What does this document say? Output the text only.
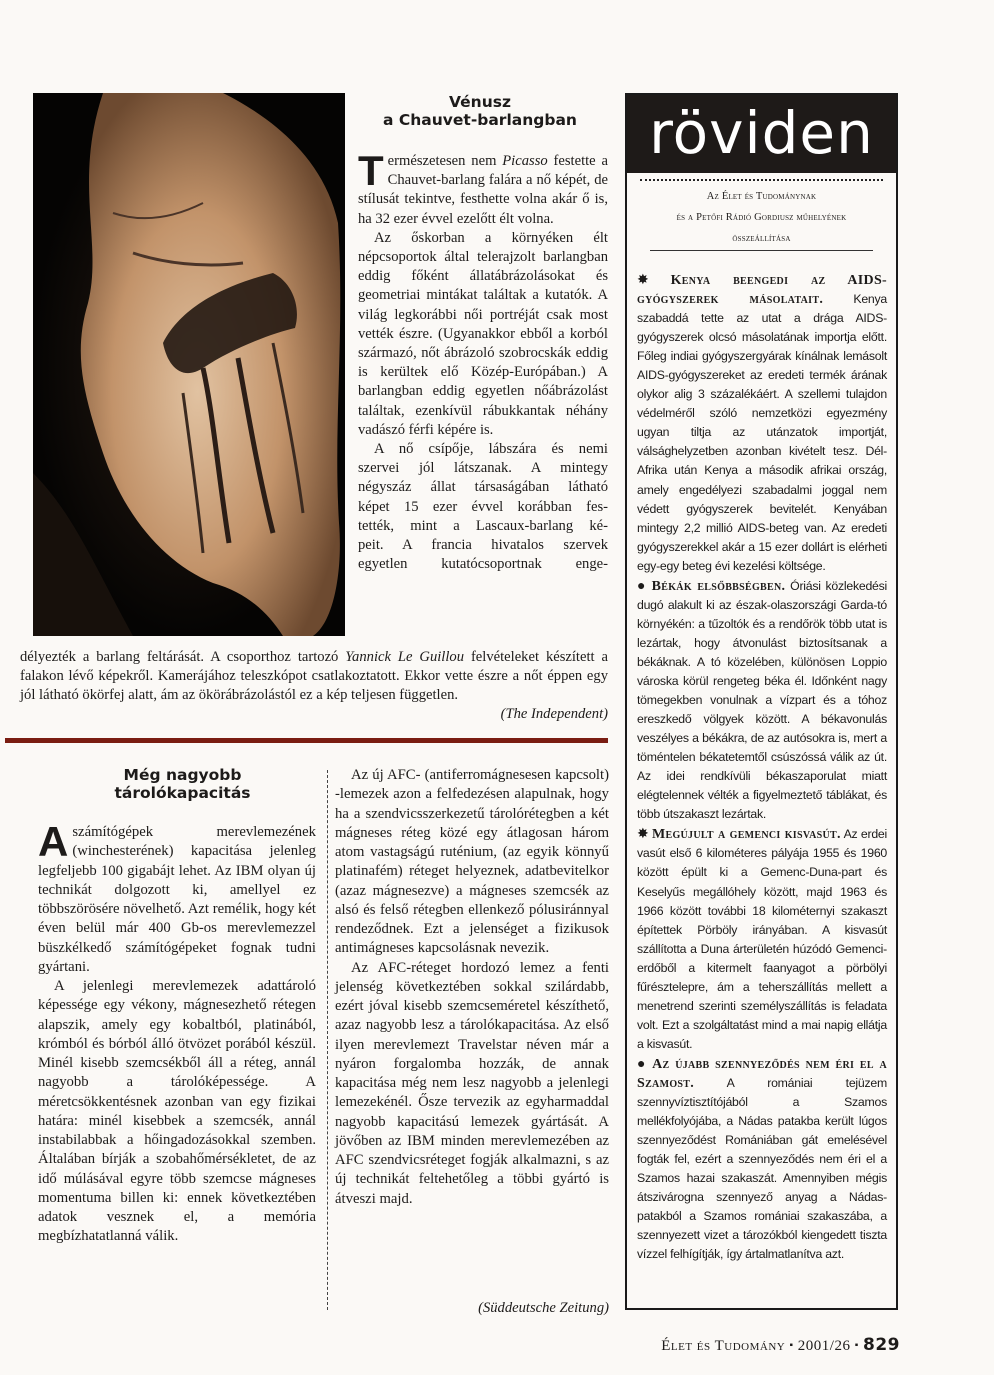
Vénusz
a Chauvet-barlangban

Természetesen nem Picasso festette a Chauvet-barlang falára a nő képét, de stílusát tekintve, festhette volna akár ő is, ha 32 ezer évvel ezelőtt élt volna.

Az őskorban a környéken élt népcsoportok által telerajzolt barlangban eddig főként állatábrázolásokat és geometriai mintákat találtak a kutatók. A világ legkorábbi női portréját csak most vették észre. (Ugyanakkor ebből a korból származó, nőt ábrázoló szobrocskák eddig is kerültek elő Közép-Európában.) A barlangban eddig egyetlen nőábrázolást találtak, ezenkívül rábukkantak néhány vadászó férfi képére is.

A nő csípője, lábszára és nemi
szervei jól látszanak. A mintegy
négyszáz állat társaságában látható
képet 15 ezer évvel korábban fes-
tették, mint a Lascaux-barlang ké-
peit. A francia hivatalos szervek
egyetlen kutatócsoportnak enge-

délyezték a barlang feltárását. A csoporthoz tartozó Yannick Le Guillou felvételeket készített a falakon lévő képekről. Kamerájához teleszkópot csatlakoztatott. Ekkor vette észre a nőt éppen egy jól látható ökörfej alatt, ám az ökörábrázolástól ez a kép teljesen független.

(The Independent)
Még nagyobb
tárolókapacitás

Aszámítógépek merevlemezének (winchesterének) kapacitása jelenleg legfeljebb 100 gigabájt lehet. Az IBM olyan új technikát dolgozott ki, amellyel ez többszörösére növelhető. Azt remélik, hogy két éven belül már 400 Gb-os merevlemezzel büszkélkedő számítógépeket fognak tudni gyártani.

A jelenlegi merevlemezek adattároló képessége egy vékony, mágnesezhető rétegen alapszik, amely egy kobaltból, platinából, krómból és bórból álló ötvözet porából készül. Minél kisebb szemcsékből áll a réteg, annál nagyobb a tárolóképessége. A méretcsökkentésnek azonban van egy fizikai határa: minél kisebbek a szemcsék, annál instabilabbak a hőingadozásokkal szemben. Általában bírják a szobahőmérsékletet, de az idő múlásával egyre több szemcse mágneses momentuma billen ki: ennek következtében adatok vesznek el, a memória megbízhatatlanná válik.

Az új AFC- (antiferromágnesesen kapcsolt) -lemezek azon a felfedezésen alapulnak, hogy ha a szendvicsszerkezetű tárolórétegben a két mágneses réteg közé egy átlagosan három atom vastagságú ruténium, (az egyik könnyű platinafém) réteget helyeznek, adatbevitelkor (azaz mágnesezve) a mágneses szemcsék az alsó és felső rétegben ellenkező pólusiránnyal rendeződnek. Ezt a jelenséget a fizikusok antimágneses kapcsolásnak nevezik.

Az AFC-réteget hordozó lemez a fenti jelenség következtében sokkal szilárdabb, ezért jóval kisebb szemcseméretel készíthető, azaz nagyobb lesz a tárolókapacitása. Az első ilyen merevlemezt Travelstar néven már a nyáron forgalomba hozzák, de annak kapacitása még nem lesz nagyobb a jelenlegi lemezekénél. Ősze tervezik az egyharmaddal nagyobb kapacitású lemezek gyártását. A jövőben az IBM minden merevlemezében az AFC szendvicsréteget fogják alkalmazni, s az új technikát feltehetőleg a többi gyártó is átveszi majd.

(Süddeutsche Zeitung)
röviden
Az Élet és Tudománynak
és a Petőfi Rádió Gordiusz műhelyének
összeállítása

✸ Kenya beengedi az AIDS-gyógyszerek másolatait. Kenya szabaddá tette az utat a drága AIDS-gyógyszerek olcsó másolatának importja előtt. Főleg indiai gyógyszergyárak kínálnak lemásolt AIDS-gyógyszereket az eredeti termék árának olykor alig 3 százalékáért. A szellemi tulajdon védelméről szóló nemzetközi egyezmény ugyan tiltja az utánzatok importját, válsághelyzetben azonban kivételt tesz. Dél-Afrika után Kenya a második afrikai ország, amely engedélyezi szabadalmi joggal nem védett gyógyszerek bevitelét. Kenyában mintegy 2,2 millió AIDS-beteg van. Az eredeti gyógyszerekkel akár a 15 ezer dollárt is elérheti egy-egy beteg évi kezelési költsége.

● Békák elsőbbségben. Óriási közlekedési dugó alakult ki az észak-olaszországi Garda-tó környékén: a tűzoltók és a rendőrök több utat is lezártak, hogy átvonulást biztosítsanak a békáknak. A tó közelében, különösen Loppio városka körül rengeteg béka él. Időnként nagy tömegekben vonulnak a vízpart és a tóhoz ereszkedő völgyek között. A békavonulás veszélyes a békákra, de az autósokra is, mert a töméntelen békatetemtől csúszóssá válik az út. Az idei rendkívüli békaszaporulat miatt elégtelennek vélték a figyelmeztető táblákat, és több útszakaszt lezártak.

✸ Megújult a gemenci kisvasút. Az erdei vasút első 6 kilométeres pályája 1955 és 1960 között épült ki a Gemenc-Duna-part és Keselyűs megállóhely között, majd 1963 és 1966 között további 18 kilométernyi szakaszt építettek Pörböly irányában. A kisvasút szállította a Duna árterületén húzódó Gemenci-erdőből a kitermelt faanyagot a pörbölyi fűrésztelepre, ám a teherszállítás mellett a menetrend szerinti személyszállítás is feladata volt. Ezt a szolgáltatást mind a mai napig ellátja a kisvasút.

● Az újabb szennyeződés nem éri el a Szamost.	A romániai tejüzem szennyvíztisztítójából a Szamos mellékfolyójába, a Nádas patakba került lúgos szennyeződést Romániában gát emelésével fogták fel, ezért a szennyeződés nem éri el a Szamos hazai szakaszát. Amennyiben mégis átszivárogna szennyező anyag a Nádas-patakból a Szamos romániai szakaszába, a szennyezett vizet a tározókból kiengedett tiszta vízzel felhígítják, így ártalmatlanítva azt.

Élet és Tudomány ▪ 2001/26 ▪ 829
